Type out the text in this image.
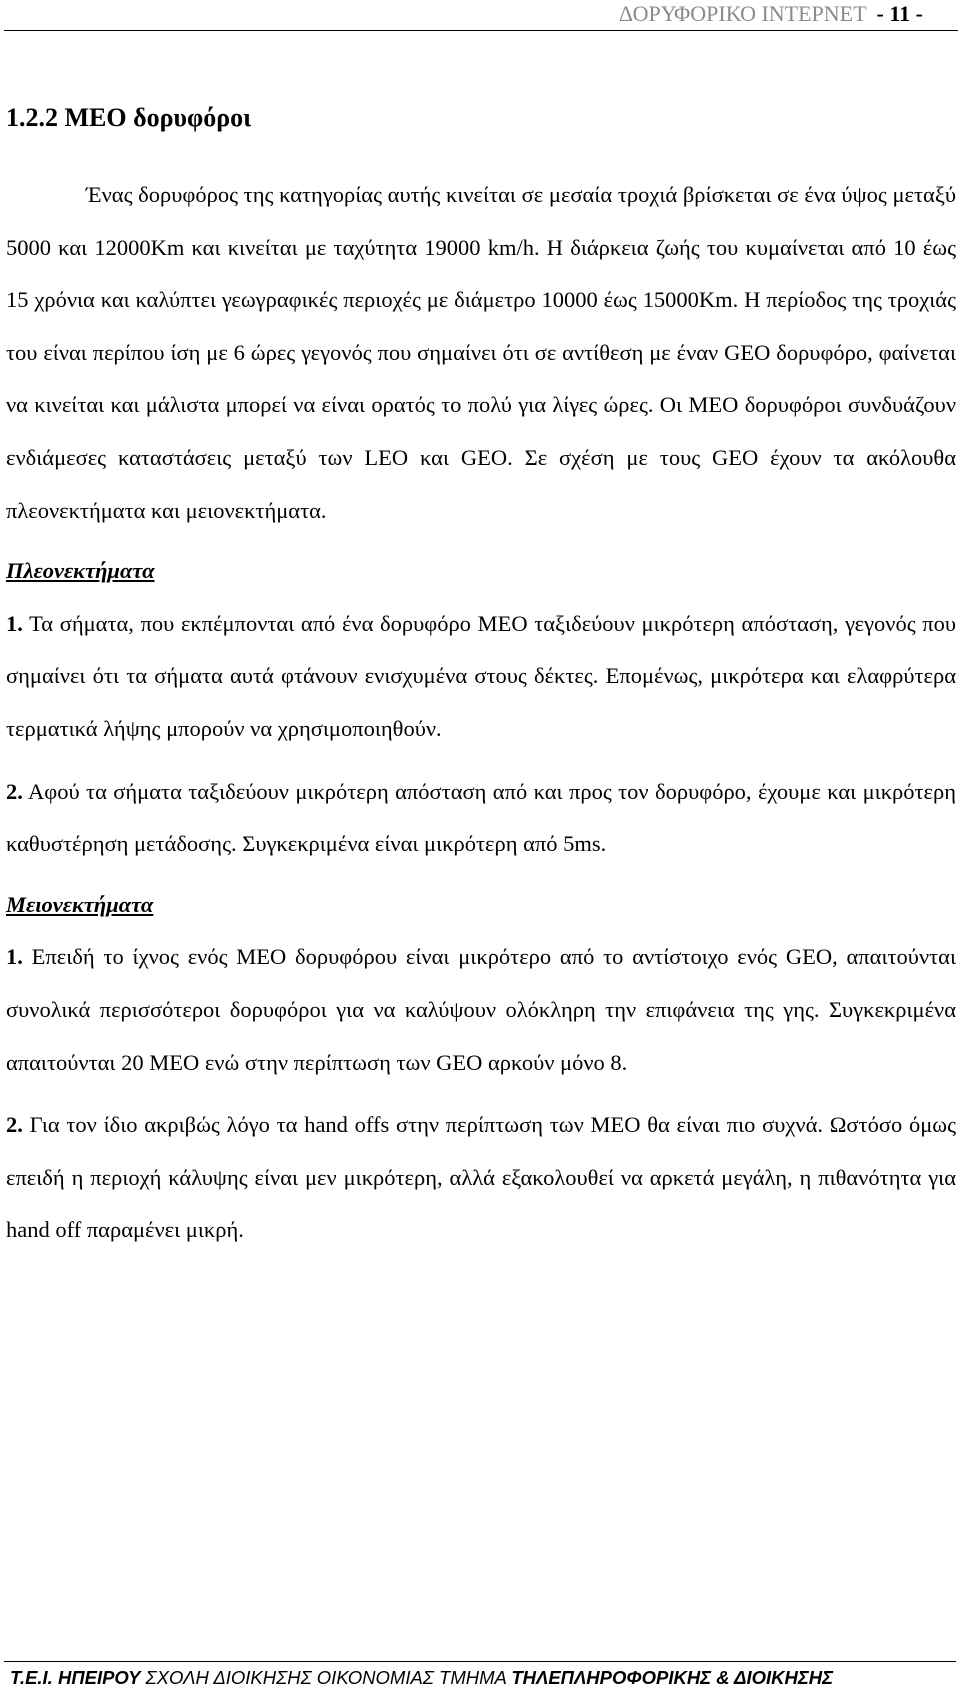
ΔΟΡΥΦΟΡΙΚΟ ΙΝΤΕΡΝΕΤ - 11 -
1.2.2 MEO δορυφόροι

Ένας δορυφόρος της κατηγορίας αυτής κινείται σε μεσαία τροχιά βρίσκεται σε ένα ύψος μεταξύ 5000 και 12000Km και κινείται με ταχύτητα 19000 km/h. Η διάρκεια ζωής του κυμαίνεται από 10 έως 15 χρόνια και καλύπτει γεωγραφικές περιοχές με διάμετρο 10000 έως 15000Km. Η περίοδος της τροχιάς του είναι περίπου ίση με 6 ώρες γεγονός που σημαίνει ότι σε αντίθεση με έναν GEO δορυφόρο, φαίνεται να κινείται και μάλιστα μπορεί να είναι ορατός το πολύ για λίγες ώρες. Οι MEO δορυφόροι συνδυάζουν ενδιάμεσες καταστάσεις μεταξύ των LEO και GEO. Σε σχέση με τους GEO έχουν τα ακόλουθα πλεονεκτήματα και μειονεκτήματα.

Πλεονεκτήματα

1. Τα σήματα, που εκπέμπονται από ένα δορυφόρο MEO ταξιδεύουν μικρότερη απόσταση, γεγονός που σημαίνει ότι τα σήματα αυτά φτάνουν ενισχυμένα στους δέκτες. Επομένως, μικρότερα και ελαφρύτερα τερματικά λήψης μπορούν να χρησιμοποιηθούν.

2. Αφού τα σήματα ταξιδεύουν μικρότερη απόσταση από και προς τον δορυφόρο, έχουμε και μικρότερη καθυστέρηση μετάδοσης. Συγκεκριμένα είναι μικρότερη από 5ms.

Μειονεκτήματα

1. Επειδή το ίχνος ενός MEO δορυφόρου είναι μικρότερο από το αντίστοιχο ενός GEO, απαιτούνται συνολικά περισσότεροι δορυφόροι για να καλύψουν ολόκληρη την επιφάνεια της γης. Συγκεκριμένα απαιτούνται 20 MEO ενώ στην περίπτωση των GEO αρκούν μόνο 8.

2. Για τον ίδιο ακριβώς λόγο τα hand offs στην περίπτωση των MEO θα είναι πιο συχνά. Ωστόσο όμως επειδή η περιοχή κάλυψης είναι μεν μικρότερη, αλλά εξακολουθεί να αρκετά μεγάλη, η πιθανότητα για hand off παραμένει μικρή.

T.E.I. ΗΠΕΙΡΟΥ ΣΧΟΛΗ ΔΙΟΙΚΗΣΗΣ ΟΙΚΟΝΟΜΙΑΣ ΤΜΗΜΑ ΤΗΛΕΠΛΗΡΟΦΟΡΙΚΗΣ & ΔΙΟΙΚΗΣΗΣ
